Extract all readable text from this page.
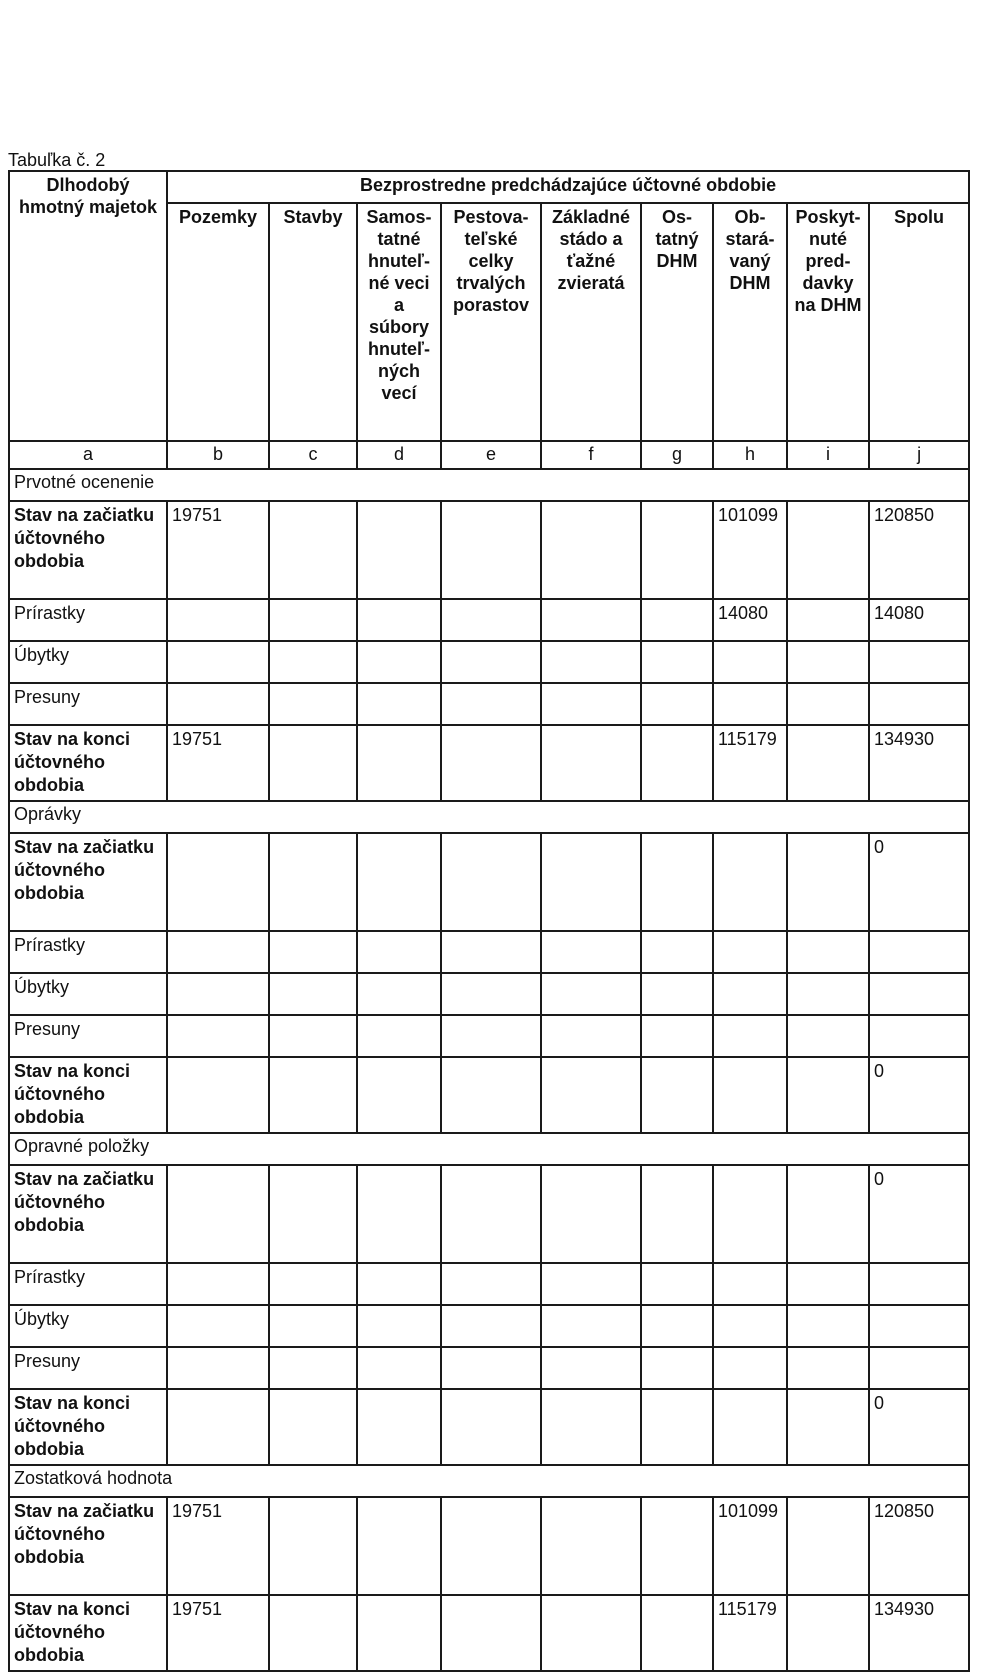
Tabuľka č. 2
Dlhodobý hmotný majetok	Bezprostredne predchádzajúce účtovné obdobie								
	Pozemky	Stavby	Samos-tatné hnuteľ-né veci a súbory hnuteľ-ných vecí	Pestova-teľské celky trvalých porastov	Základné stádo a ťažné zvieratá	Os-tatný DHM	Ob-stará-vaný DHM	Poskyt-nuté pred-davky na DHM	Spolu
a	b	c	d	e	f	g	h	i	j
Prvotné ocenenie									
Stav na začiatku účtovného obdobia	19751						101099		120850
Prírastky							14080		14080
Úbytky									
Presuny									
Stav na konci účtovného obdobia	19751						115179		134930
Oprávky									
Stav na začiatku účtovného obdobia									0
Prírastky									
Úbytky									
Presuny									
Stav na konci účtovného obdobia									0
Opravné položky									
Stav na začiatku účtovného obdobia									0
Prírastky									
Úbytky									
Presuny									
Stav na konci účtovného obdobia									0
Zostatková hodnota									
Stav na začiatku účtovného obdobia	19751						101099		120850
Stav na konci účtovného obdobia	19751						115179		134930
